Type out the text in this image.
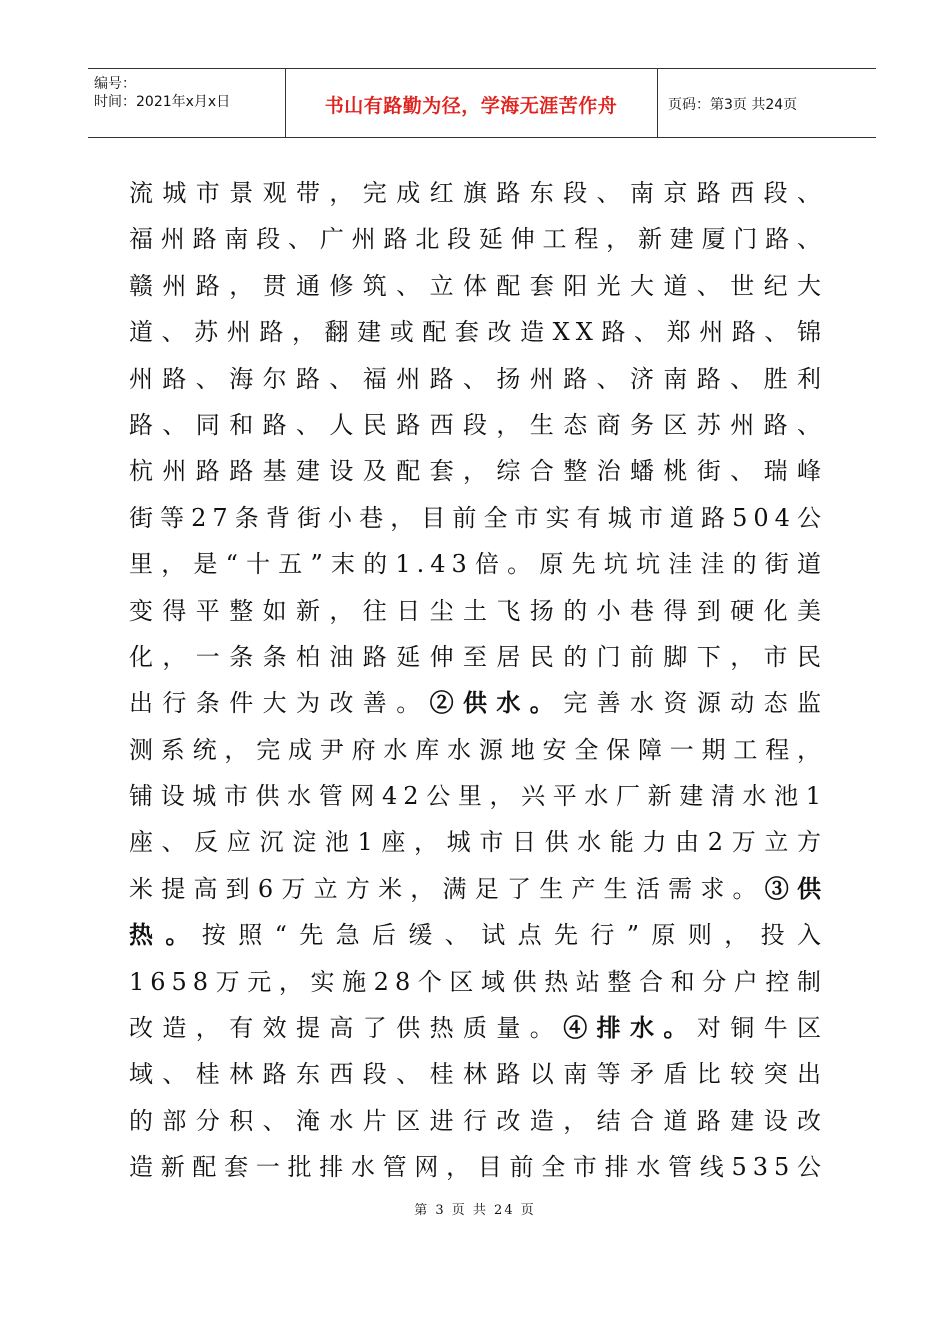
编号：
时间：2021年x月x日	书山有路勤为径，学海无涯苦作舟	页码：第3页 共24页
流城市景观带，完成红旗路东段、南京路西段、
福州路南段、广州路北段延伸工程，新建厦门路、
赣州路，贯通修筑、立体配套阳光大道、世纪大
道、苏州路，翻建或配套改造XX路、郑州路、锦
州路、海尔路、福州路、扬州路、济南路、胜利
路、同和路、人民路西段，生态商务区苏州路、
杭州路路基建设及配套，综合整治蟠桃街、瑞峰
街等27条背街小巷，目前全市实有城市道路504公
里，是“十五”末的1.43倍。原先坑坑洼洼的街道
变得平整如新，往日尘土飞扬的小巷得到硬化美
化，一条条柏油路延伸至居民的门前脚下，市民
出行条件大为改善。②供水。完善水资源动态监
测系统，完成尹府水库水源地安全保障一期工程，
铺设城市供水管网42公里，兴平水厂新建清水池1
座、反应沉淀池1座，城市日供水能力由2万立方
米提高到6万立方米，满足了生产生活需求。③供
热。按照“先急后缓、试点先行”原则，投入
1658万元，实施28个区域供热站整合和分户控制
改造，有效提高了供热质量。④排水。对铜牛区
域、桂林路东西段、桂林路以南等矛盾比较突出
的部分积、淹水片区进行改造，结合道路建设改
造新配套一批排水管网，目前全市排水管线535公
第 3 页 共 24 页
